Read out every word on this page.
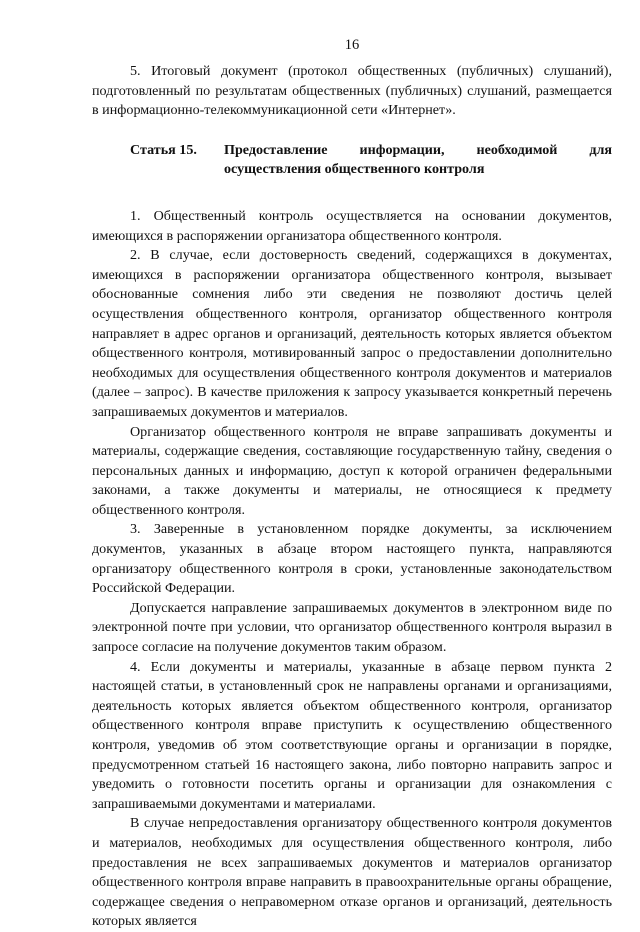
16

5. Итоговый документ (протокол общественных (публичных) слушаний), подготовленный по результатам общественных (публичных) слушаний, размещается в информационно-телекоммуникационной сети «Интернет».

Статья 15.	Предоставление информации, необходимой для осуществления общественного контроля

1. Общественный контроль осуществляется на основании документов, имеющихся в распоряжении организатора общественного контроля.

2. В случае, если достоверность сведений, содержащихся в документах, имеющихся в распоряжении организатора общественного контроля, вызывает обоснованные сомнения либо эти сведения не позволяют достичь целей осуществления общественного контроля, организатор общественного контроля направляет в адрес органов и организаций, деятельность которых является объектом общественного контроля, мотивированный запрос о предоставлении дополнительно необходимых для осуществления общественного контроля документов и материалов (далее – запрос). В качестве приложения к запросу указывается конкретный перечень запрашиваемых документов и материалов.

Организатор общественного контроля не вправе запрашивать документы и материалы, содержащие сведения, составляющие государственную тайну, сведения о персональных данных и информацию, доступ к которой ограничен федеральными законами, а также документы и материалы, не относящиеся к предмету общественного контроля.

3. Заверенные в установленном порядке документы, за исключением документов, указанных в абзаце втором настоящего пункта, направляются организатору общественного контроля в сроки, установленные законодательством Российской Федерации.

Допускается направление запрашиваемых документов в электронном виде по электронной почте при условии, что организатор общественного контроля выразил в запросе согласие на получение документов таким образом.

4. Если документы и материалы, указанные в абзаце первом пункта 2 настоящей статьи, в установленный срок не направлены органами и организациями, деятельность которых является объектом общественного контроля, организатор общественного контроля вправе приступить к осуществлению общественного контроля, уведомив об этом соответствующие органы и организации в порядке, предусмотренном статьей 16 настоящего закона, либо повторно направить запрос и уведомить о готовности посетить органы и организации для ознакомления с запрашиваемыми документами и материалами.

В случае непредоставления организатору общественного контроля документов и материалов, необходимых для осуществления общественного контроля, либо предоставления не всех запрашиваемых документов и материалов организатор общественного контроля вправе направить в правоохранительные органы обращение, содержащее сведения о неправомерном отказе органов и организаций, деятельность которых является
